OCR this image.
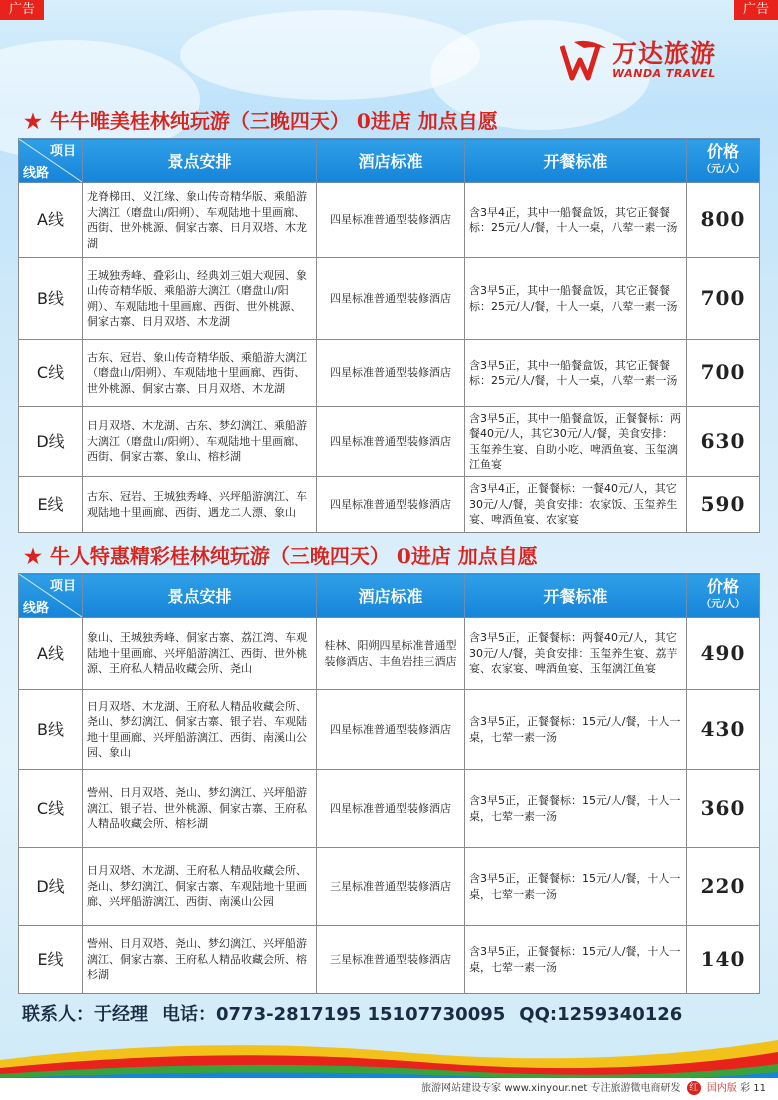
广告	广告
万达旅游
WANDA TRAVEL
★ 牛牛唯美桂林纯玩游（三晚四天） 0进店 加点自愿
项目
线路	景点安排	酒店标准	开餐标准	价格
（元/人）

A线	龙脊梯田、义江缘、象山传奇精华版、乘船游大漓江（磨盘山/阳朔）、车观陆地十里画廊、西街、世外桃源、侗家古寨、日月双塔、木龙湖	四星标准普通型装修酒店	含3早4正，其中一船餐盒饭，其它正餐餐标：25元/人/餐，十人一桌，八荤一素一汤	800
B线	王城独秀峰、叠彩山、经典刘三姐大观园、象山传奇精华版、乘船游大漓江（磨盘山/阳朔）、车观陆地十里画廊、西街、世外桃源、侗家古寨、日月双塔、木龙湖	四星标准普通型装修酒店	含3早5正，其中一船餐盒饭，其它正餐餐标：25元/人/餐，十人一桌，八荤一素一汤	700
C线	古东、冠岩、象山传奇精华版、乘船游大漓江（磨盘山/阳朔）、车观陆地十里画廊、西街、世外桃源、侗家古寨、日月双塔、木龙湖	四星标准普通型装修酒店	含3早5正，其中一船餐盒饭，其它正餐餐标：25元/人/餐，十人一桌，八荤一素一汤	700
D线	日月双塔、木龙湖、古东、梦幻漓江、乘船游大漓江（磨盘山/阳朔）、车观陆地十里画廊、西街、侗家古寨、象山、榕杉湖	四星标准普通型装修酒店	含3早5正，其中一船餐盒饭，正餐餐标：两餐40元/人，其它30元/人/餐，美食安排：玉玺养生宴、自助小吃、啤酒鱼宴、玉玺漓江鱼宴	630
E线	古东、冠岩、王城独秀峰、兴坪船游漓江、车观陆地十里画廊、西街、遇龙二人漂、象山	四星标准普通型装修酒店	含3早4正，正餐餐标：一餐40元/人，其它30元/人/餐，美食安排：农家饭、玉玺养生宴、啤酒鱼宴、农家宴	590
★ 牛人特惠精彩桂林纯玩游（三晚四天） 0进店 加点自愿
项目
线路	景点安排	酒店标准	开餐标准	价格
（元/人）

A线	象山、王城独秀峰、侗家古寨、荔江湾、车观陆地十里画廊、兴坪船游漓江、西街、世外桃源、王府私人精品收藏会所、尧山	桂林、阳朔四星标准普通型装修酒店、丰鱼岩挂三酒店	含3早5正，正餐餐标：两餐40元/人，其它30元/人/餐，美食安排：玉玺养生宴、荔芋宴、农家宴、啤酒鱼宴、玉玺漓江鱼宴	490
B线	日月双塔、木龙湖、王府私人精品收藏会所、尧山、梦幻漓江、侗家古寨、银子岩、车观陆地十里画廊、兴坪船游漓江、西街、南溪山公园、象山	四星标准普通型装修酒店	含3早5正，正餐餐标：15元/人/餐，十人一桌，七荤一素一汤	430
C线	訾州、日月双塔、尧山、梦幻漓江、兴坪船游漓江、银子岩、世外桃源、侗家古寨、王府私人精品收藏会所、榕杉湖	四星标准普通型装修酒店	含3早5正，正餐餐标：15元/人/餐，十人一桌，七荤一素一汤	360
D线	日月双塔、木龙湖、王府私人精品收藏会所、尧山、梦幻漓江、侗家古寨、车观陆地十里画廊、兴坪船游漓江、西街、南溪山公园	三星标准普通型装修酒店	含3早5正，正餐餐标：15元/人/餐，十人一桌，七荤一素一汤	220
E线	訾州、日月双塔、尧山、梦幻漓江、兴坪船游漓江、侗家古寨、王府私人精品收藏会所、榕杉湖	三星标准普通型装修酒店	含3早5正，正餐餐标：15元/人/餐，十人一桌，七荤一素一汤	140
联系人：于经理 电话：0773-2817195 15107730095 QQ:1259340126
旅游网站建设专家 www.xinyour.net 专注旅游微电商研发 红 国内版 彩 11
